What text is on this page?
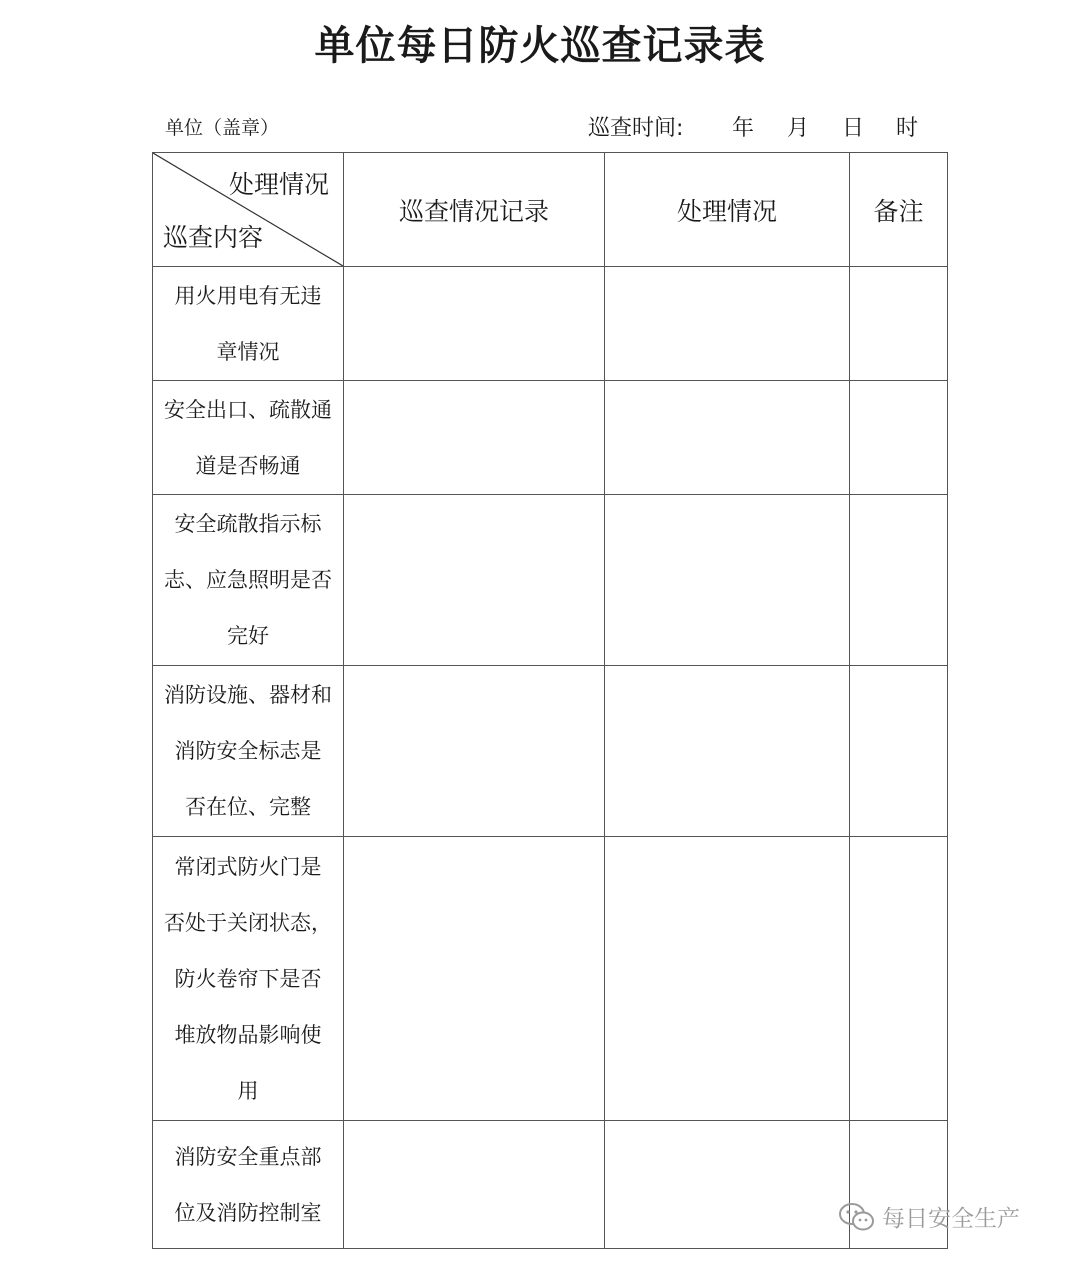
单位每日防火巡查记录表
单位（盖章）	巡查时间: 年 月 日 时
处理情况
巡查内容	巡查情况记录	处理情况	备注

用火用电有无违
章情况			

安全出口、疏散通
道是否畅通			

安全疏散指示标
志、应急照明是否
完好			

消防设施、器材和
消防安全标志是
否在位、完整			

常闭式防火门是
否处于关闭状态，
防火卷帘下是否
堆放物品影响使
用			

消防安全重点部
位及消防控制室			
				每日安全生产
